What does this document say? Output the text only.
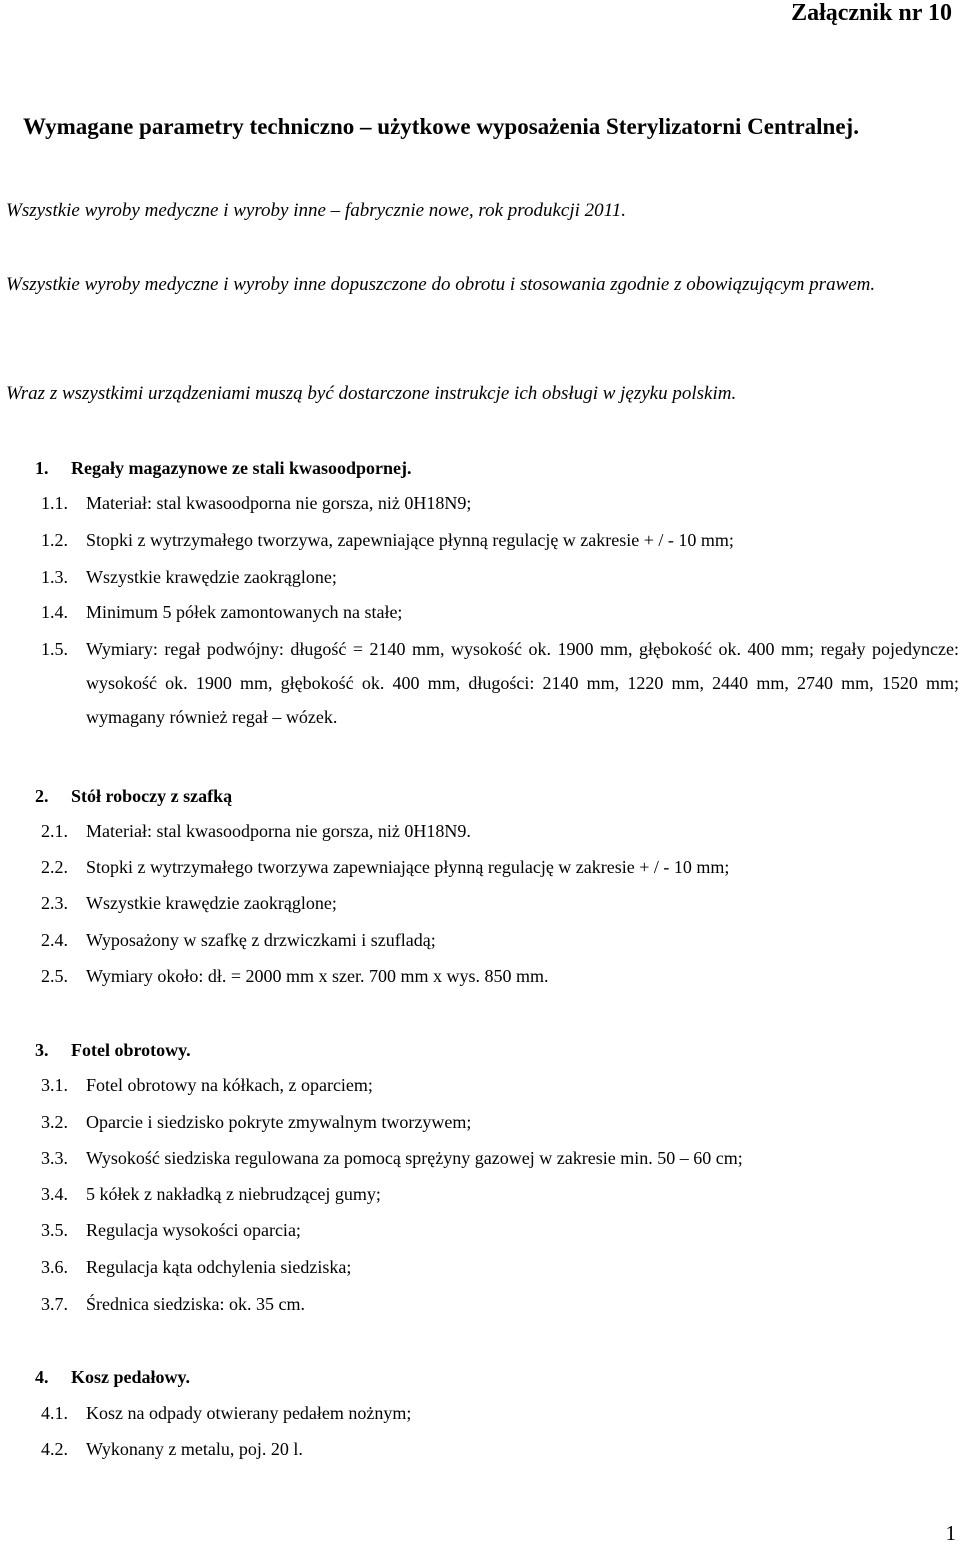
Załącznik nr 10
Wymagane parametry techniczno – użytkowe wyposażenia Sterylizatorni Centralnej.
Wszystkie wyroby medyczne i wyroby inne – fabrycznie nowe, rok produkcji 2011.
Wszystkie wyroby medyczne i wyroby inne dopuszczone do obrotu i stosowania zgodnie z obowiązującym prawem.
Wraz z wszystkimi urządzeniami muszą być dostarczone instrukcje ich obsługi w języku polskim.
1. Regały magazynowe ze stali kwasoodpornej.
1.1. Materiał: stal kwasoodporna nie gorsza, niż 0H18N9;
1.2. Stopki z wytrzymałego tworzywa, zapewniające płynną regulację w zakresie + / - 10 mm;
1.3. Wszystkie krawędzie zaokrąglone;
1.4. Minimum 5 półek zamontowanych na stałe;
1.5. Wymiary: regał podwójny: długość = 2140 mm, wysokość ok. 1900 mm, głębokość ok. 400 mm; regały pojedyncze: wysokość ok. 1900 mm, głębokość ok. 400 mm, długości: 2140 mm, 1220 mm, 2440 mm, 2740 mm, 1520 mm; wymagany również regał – wózek.
2. Stół roboczy z szafką
2.1. Materiał: stal kwasoodporna nie gorsza, niż 0H18N9.
2.2. Stopki z wytrzymałego tworzywa zapewniające płynną regulację w zakresie + / - 10 mm;
2.3. Wszystkie krawędzie zaokrąglone;
2.4. Wyposażony w szafkę z drzwiczkami i szufladą;
2.5. Wymiary około: dł. = 2000 mm x szer. 700 mm x wys. 850 mm.
3. Fotel obrotowy.
3.1. Fotel obrotowy na kółkach, z oparciem;
3.2. Oparcie i siedzisko pokryte zmywalnym tworzywem;
3.3. Wysokość siedziska regulowana za pomocą sprężyny gazowej w zakresie min. 50 – 60 cm;
3.4. 5 kółek z nakładką z niebrudzącej gumy;
3.5. Regulacja wysokości oparcia;
3.6. Regulacja kąta odchylenia siedziska;
3.7. Średnica siedziska: ok. 35 cm.
4. Kosz pedałowy.
4.1. Kosz na odpady otwierany pedałem nożnym;
4.2. Wykonany z metalu, poj. 20 l.
1
